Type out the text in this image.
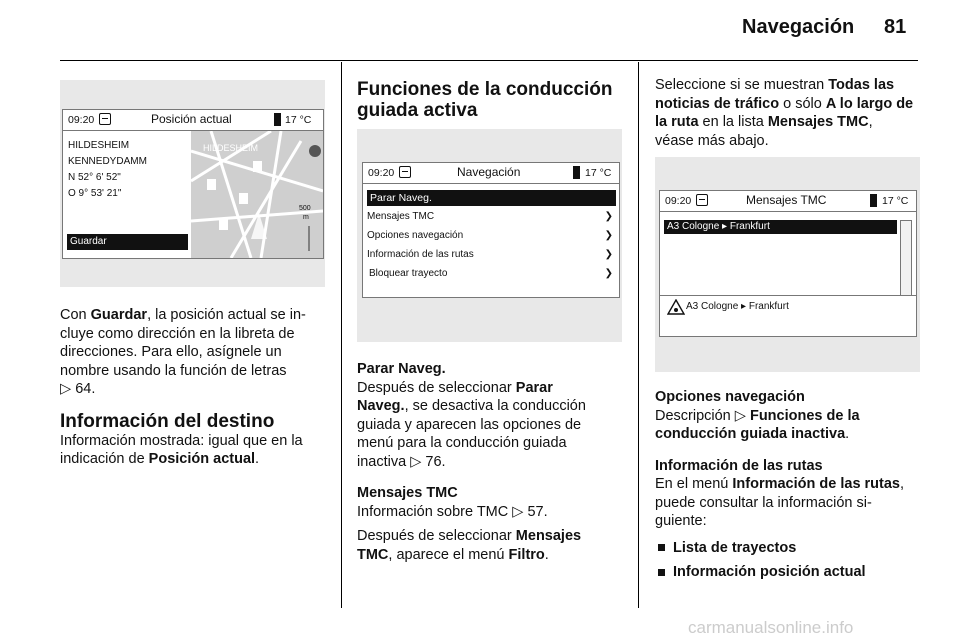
Navegación 81
09:20	Posición actual	17 °C
HILDESHEIM
KENNEDYDAMM
N 52° 6' 52"
O 9° 53' 21"
Guardar
HILDESHEIM
500
m

Con Guardar, la posición actual se in-
cluye como dirección en la libreta de
direcciones. Para ello, asígnele un
nombre usando la función de letras
▷ 64.

Información del destino

Información mostrada: igual que en la
indicación de Posición actual.

Funciones de la conducción
guiada activa

09:20	Navegación	17 °C
Parar Naveg.
Mensajes TMC	❯
Opciones navegación	❯
Información de las rutas	❯
Bloquear trayecto	❯

Parar Naveg.

Después de seleccionar Parar
Naveg., se desactiva la conducción
guiada y aparecen las opciones de
menú para la conducción guiada
inactiva ▷ 76.

Mensajes TMC

Información sobre TMC ▷ 57.

Después de seleccionar Mensajes
TMC, aparece el menú Filtro.

Seleccione si se muestran Todas las
noticias de tráfico o sólo A lo largo de
la ruta en la lista Mensajes TMC,
véase más abajo.

09:20	Mensajes TMC	17 °C
A3 Cologne ▸ Frankfurt
A3 Cologne ▸ Frankfurt

Opciones navegación

Descripción ▷ Funciones de la
conducción guiada inactiva.

Información de las rutas

En el menú Información de las rutas,
puede consultar la información si-
guiente:

Lista de trayectos

Información posición actual

carmanualsonline.info
